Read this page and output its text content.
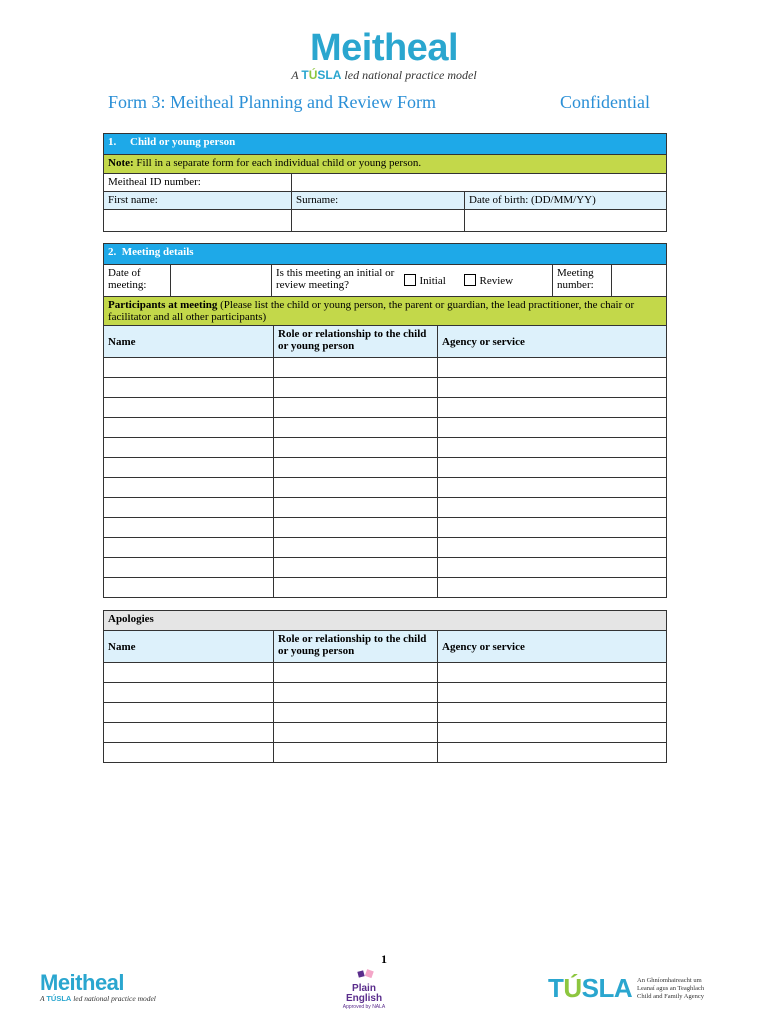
Meitheal
A TÚSLA led national practice model
Form 3: Meitheal Planning and Review Form	Confidential
1.     Child or young person		
Note: Fill in a separate form for each individual child or young person.		

Meitheal ID number:		

First name:	Surname:	Date of birth: (DD/MM/YY)

2.  Meeting details
Date of meeting:		Is this meeting an initial or review meeting?	Initial	Review	Meeting number:	
Participants at meeting (Please list the child or young person, the parent or guardian, the lead practitioner, the chair or facilitator and all other participants)
Name	Role or relationship to the child or young person	Agency or service

Apologies		
Name	Role or relationship to the child or young person	Agency or service

1
Meitheal
A TÚSLA led national practice model
Plain
English
Approved by NALA
TÚSLA An Ghníomhaireacht um
Leanaí agus an Teaghlach
Child and Family Agency
